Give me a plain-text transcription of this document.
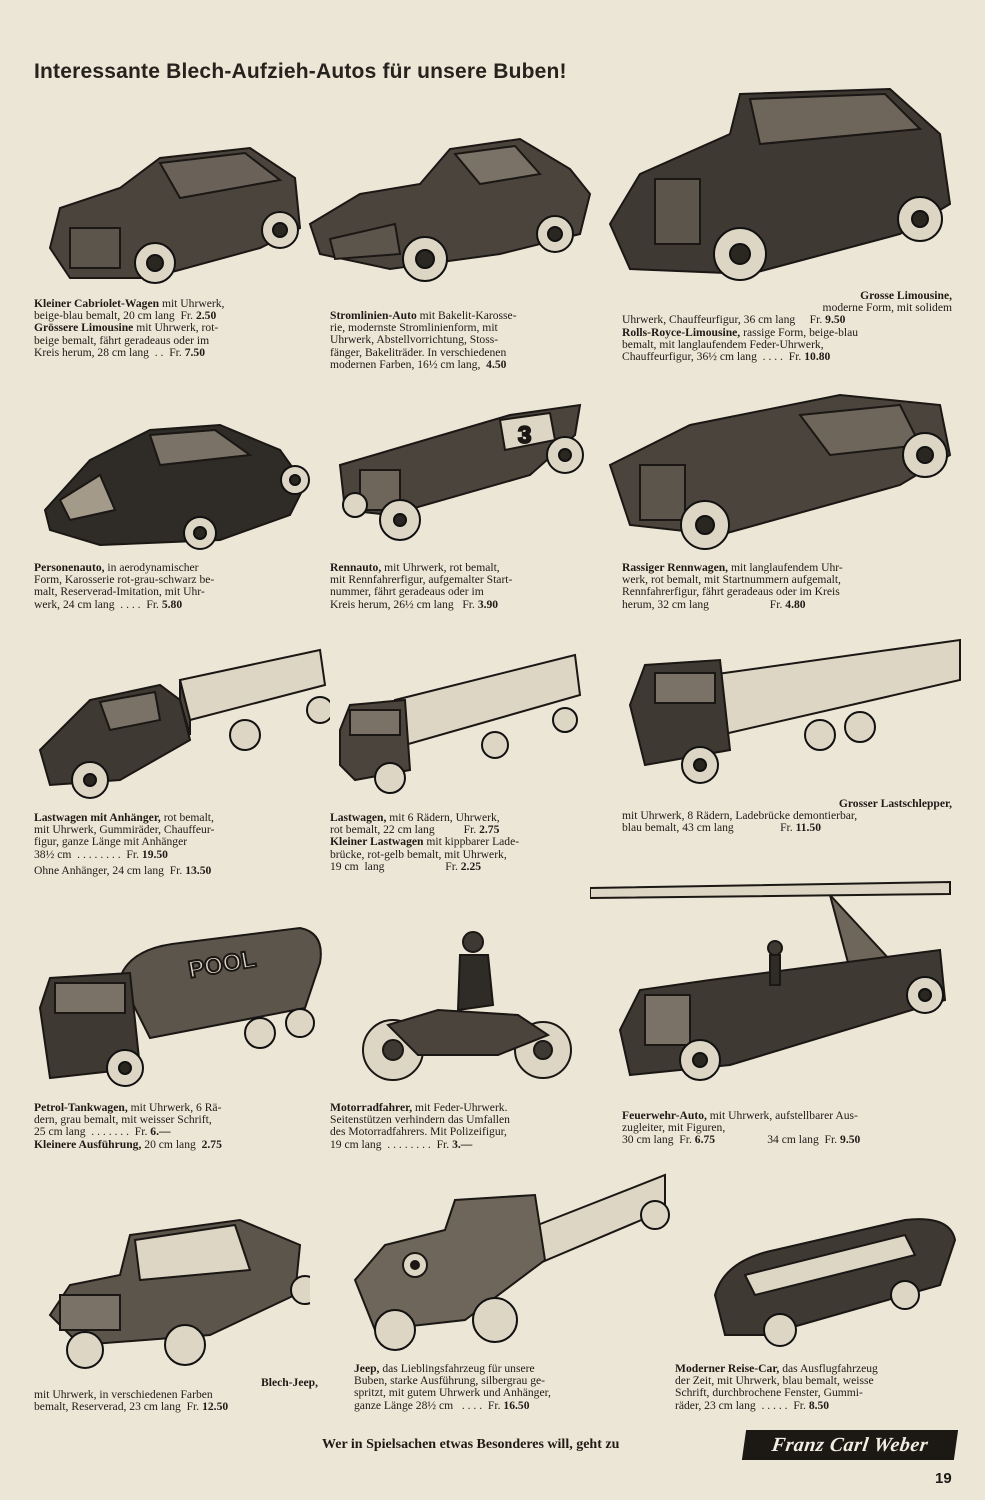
Interessante Blech-Aufzieh-Autos für unsere Buben!
Kleiner Cabriolet-Wagen mit Uhrwerk,
beige-blau bemalt, 20 cm lang  Fr. 2.50
Grössere Limousine mit Uhrwerk, rot-
beige bemalt, fährt geradeaus oder im
Kreis herum, 28 cm lang  . .  Fr. 7.50
Stromlinien-Auto mit Bakelit-Karosse-
rie, modernste Stromlinienform, mit
Uhrwerk, Abstellvorrichtung, Stoss-
fänger, Bakeliträder. In verschiedenen
modernen Farben, 16½ cm lang,  4.50
Grosse Limousine,
moderne Form, mit solidem
Uhrwerk, Chauffeurfigur, 36 cm lang     Fr. 9.50
Rolls-Royce-Limousine, rassige Form, beige-blau
bemalt, mit langlaufendem Feder-Uhrwerk,
Chauffeurfigur, 36½ cm lang  . . . .  Fr. 10.80
3
Personenauto, in aerodynamischer
Form, Karosserie rot-grau-schwarz be-
malt, Reserverad-Imitation, mit Uhr-
werk, 24 cm lang  . . . .  Fr. 5.80
Rennauto, mit Uhrwerk, rot bemalt,
mit Rennfahrerfigur, aufgemalter Start-
nummer, fährt geradeaus oder im
Kreis herum, 26½ cm lang   Fr. 3.90
Rassiger Rennwagen, mit langlaufendem Uhr-
werk, rot bemalt, mit Startnummern aufgemalt,
Rennfahrerfigur, fährt geradeaus oder im Kreis
herum, 32 cm lang                     Fr. 4.80
Lastwagen mit Anhänger, rot bemalt,
mit Uhrwerk, Gummiräder, Chauffeur-
figur, ganze Länge mit Anhänger
38½ cm  . . . . . . . .  Fr. 19.50
Ohne Anhänger, 24 cm lang  Fr. 13.50
Lastwagen, mit 6 Rädern, Uhrwerk,
rot bemalt, 22 cm lang          Fr. 2.75
Kleiner Lastwagen mit kippbarer Lade-
brücke, rot-gelb bemalt, mit Uhrwerk,
19 cm  lang                     Fr. 2.25
Grosser Lastschlepper,
mit Uhrwerk, 8 Rädern, Ladebrücke demontierbar,
blau bemalt, 43 cm lang                Fr. 11.50
POOL
Petrol-Tankwagen, mit Uhrwerk, 6 Rä-
dern, grau bemalt, mit weisser Schrift,
25 cm lang  . . . . . . .  Fr. 6.—
Kleinere Ausführung, 20 cm lang  2.75
Motorradfahrer, mit Feder-Uhrwerk.
Seitenstützen verhindern das Umfallen
des Motorradfahrers. Mit Polizeifigur,
19 cm lang  . . . . . . . .  Fr. 3.—
Feuerwehr-Auto, mit Uhrwerk, aufstellbarer Aus-
zugleiter, mit Figuren,
30 cm lang  Fr. 6.75                  34 cm lang  Fr. 9.50
Blech-Jeep,
mit Uhrwerk, in verschiedenen Farben
bemalt, Reserverad, 23 cm lang  Fr. 12.50
Jeep, das Lieblingsfahrzeug für unsere
Buben, starke Ausführung, silbergrau ge-
spritzt, mit gutem Uhrwerk und Anhänger,
ganze Länge 28½ cm   . . . .  Fr. 16.50
Moderner Reise-Car, das Ausflugfahrzeug
der Zeit, mit Uhrwerk, blau bemalt, weisse
Schrift, durchbrochene Fenster, Gummi-
räder, 23 cm lang  . . . . .  Fr. 8.50
Wer in Spielsachen etwas Besonderes will, geht zu	Franz Carl Weber
19
